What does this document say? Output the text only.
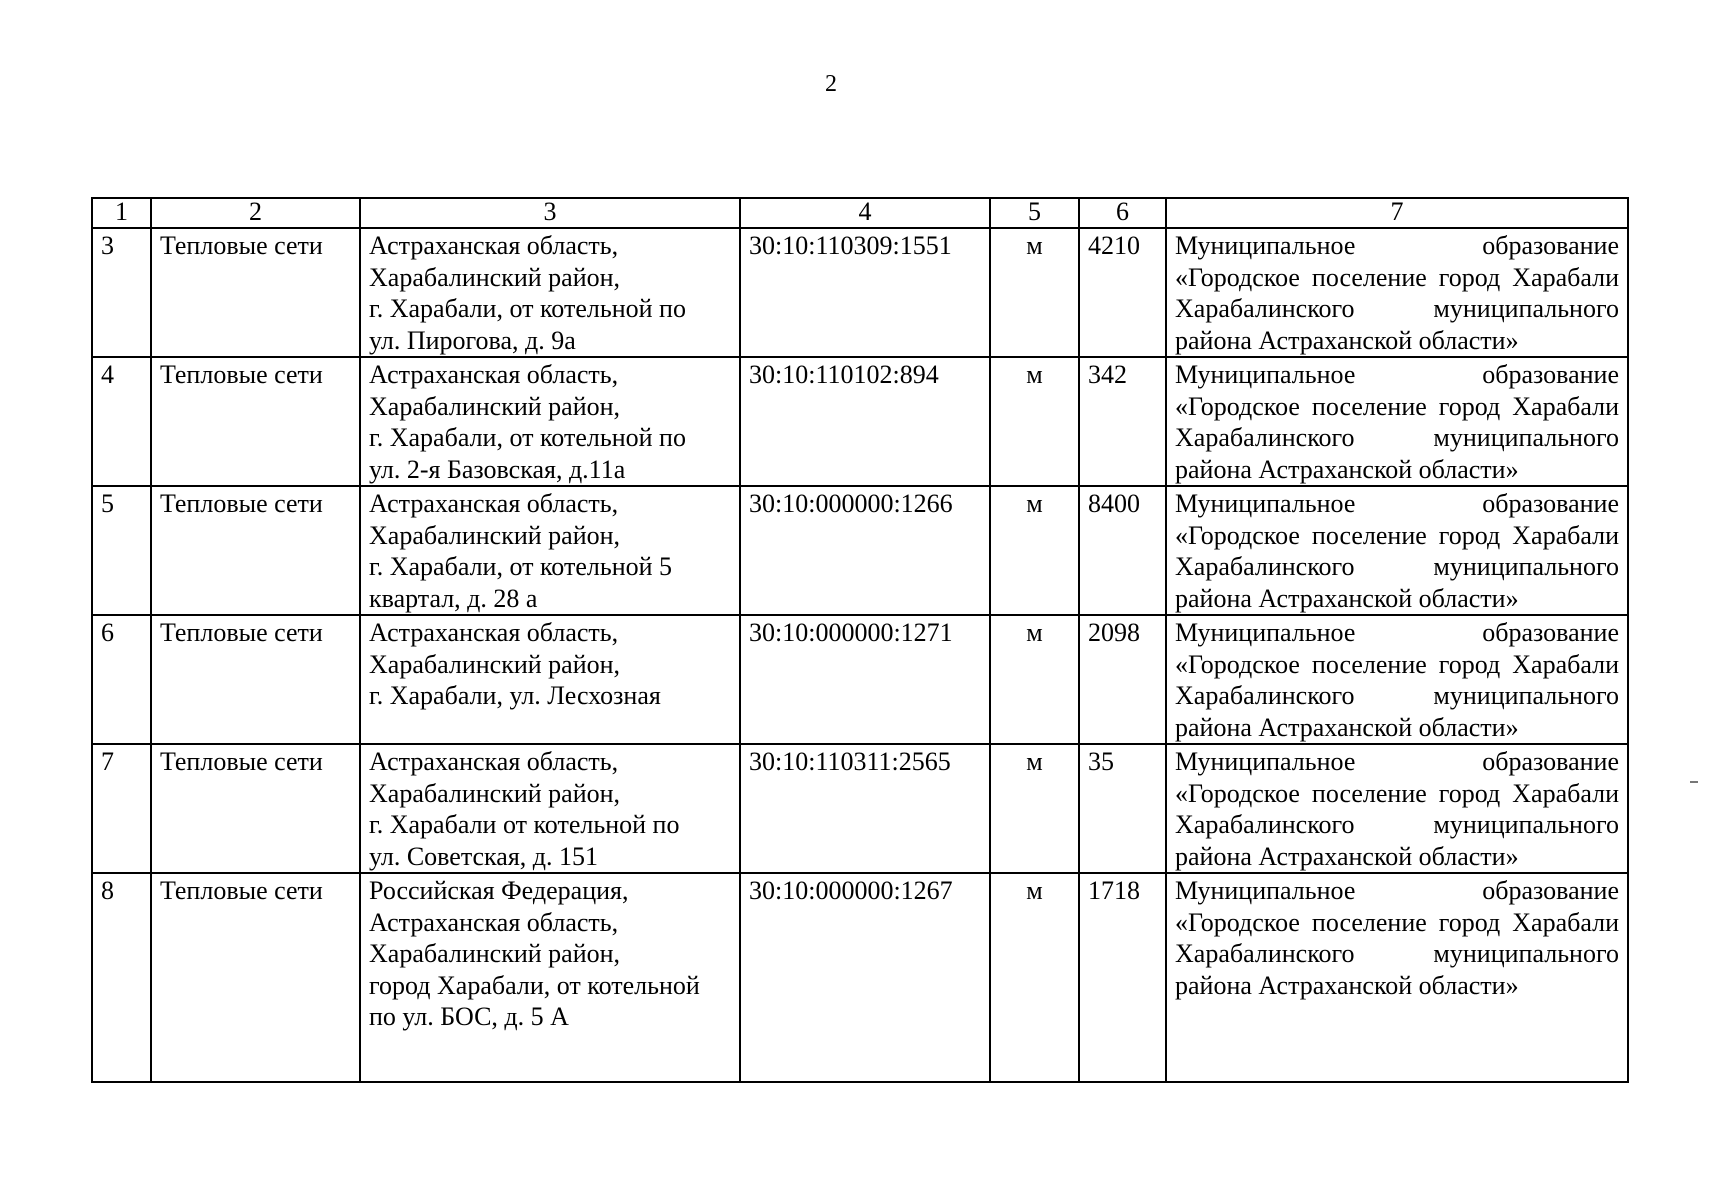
2
1	2	3	4	5	6	7
3	Тепловые сети	Астраханская область,
Харабалинский район,
г. Харабали, от котельной по
ул. Пирогова, д. 9а	30:10:110309:1551	м	4210	Муниципальное образование «Городское поселение город Харабали Харабалинского муниципального района Астраханской области»
4	Тепловые сети	Астраханская область,
Харабалинский район,
г. Харабали, от котельной по
ул. 2-я Базовская, д.11а	30:10:110102:894	м	342	Муниципальное образование «Городское поселение город Харабали Харабалинского муниципального района Астраханской области»
5	Тепловые сети	Астраханская область,
Харабалинский район,
г. Харабали, от котельной 5
квартал, д. 28 а	30:10:000000:1266	м	8400	Муниципальное образование «Городское поселение город Харабали Харабалинского муниципального района Астраханской области»
6	Тепловые сети	Астраханская область,
Харабалинский район,
г. Харабали, ул. Лесхозная	30:10:000000:1271	м	2098	Муниципальное образование «Городское поселение город Харабали Харабалинского муниципального района Астраханской области»
7	Тепловые сети	Астраханская область,
Харабалинский район,
г. Харабали от котельной по
ул. Советская, д. 151	30:10:110311:2565	м	35	Муниципальное образование «Городское поселение город Харабали Харабалинского муниципального района Астраханской области»
8	Тепловые сети	Российская Федерация,
Астраханская область,
Харабалинский район,
город Харабали, от котельной
по ул. БОС, д. 5 А	30:10:000000:1267	м	1718	Муниципальное образование «Городское поселение город Харабали Харабалинского муниципального района Астраханской области»
